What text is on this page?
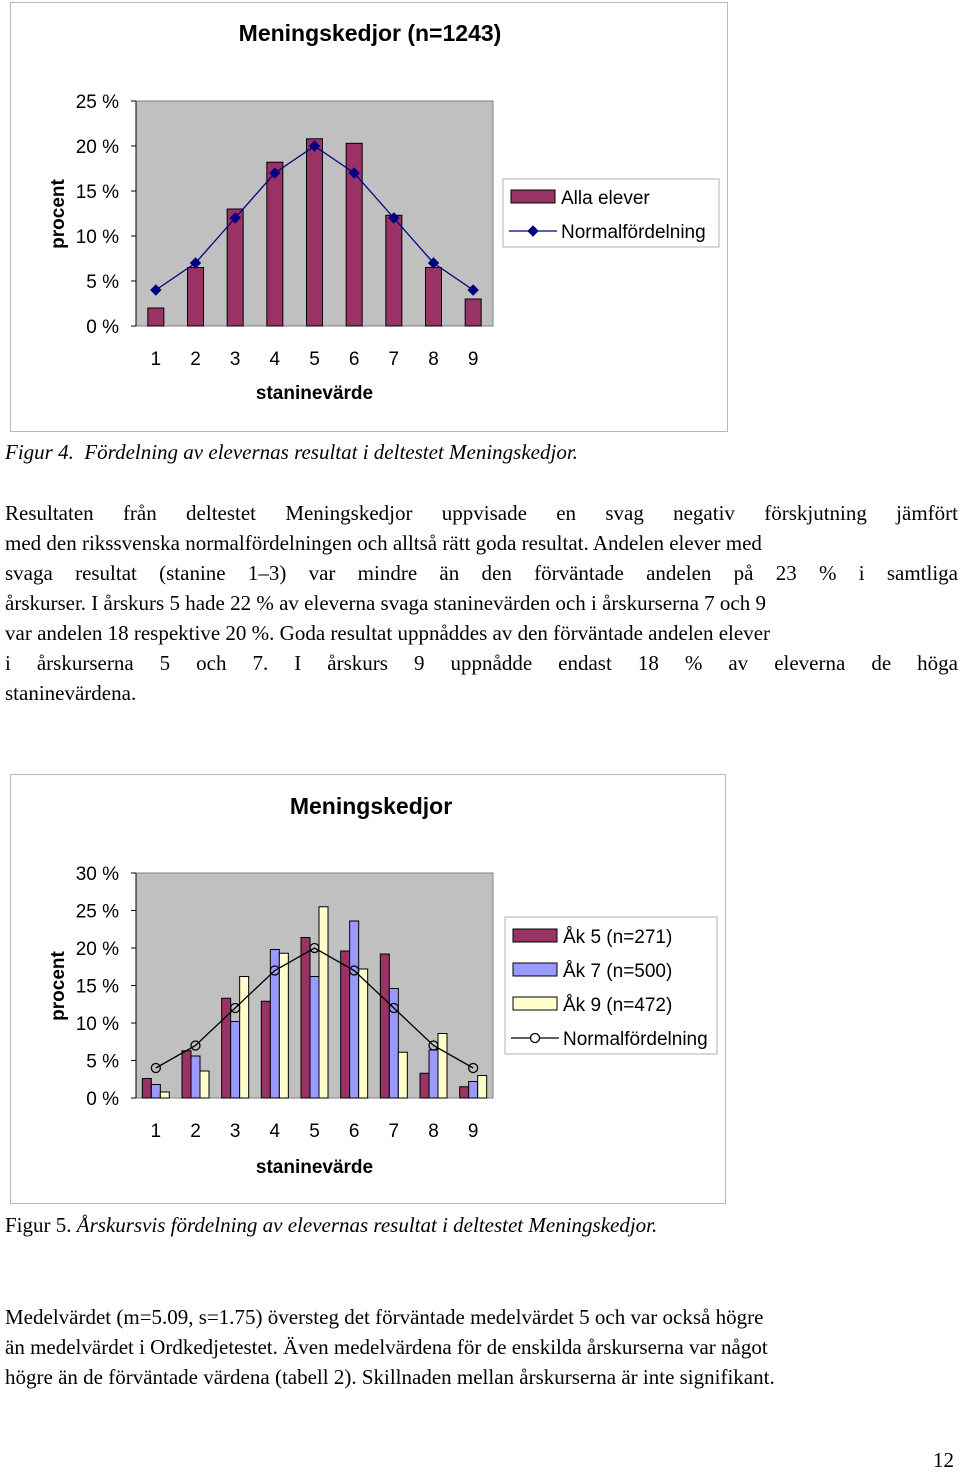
Meningskedjor (n=1243)
0 %
5 %
10 %
15 %
20 %
25 %
procent
1 2 3 4 5 6 7 8 9
staninevärde
Alla elever
Normalfördelning
Figur 4. Fördelning av elevernas resultat i deltestet Meningskedjor.
Resultaten från deltestet Meningskedjor uppvisade en svag negativ förskjutning jämfört
med den rikssvenska normalfördelningen och alltså rätt goda resultat. Andelen elever med
svaga resultat (stanine 1–3) var mindre än den förväntade andelen på 23 % i samtliga
årskurser. I årskurs 5 hade 22 % av eleverna svaga staninevärden och i årskurserna 7 och 9
var andelen 18 respektive 20 %. Goda resultat uppnåddes av den förväntade andelen elever
i årskurserna 5 och 7. I årskurs 9 uppnådde endast 18 % av eleverna de höga
staninevärdena.
Meningskedjor
0 %
5 %
10 %
15 %
20 %
25 %
30 %
procent
1 2 3 4 5 6 7 8 9
staninevärde
Åk 5 (n=271)
Åk 7 (n=500)
Åk 9 (n=472)
Normalfördelning
Figur 5. Årskursvis fördelning av elevernas resultat i deltestet Meningskedjor.
Medelvärdet (m=5.09, s=1.75) översteg det förväntade medelvärdet 5 och var också högre
än medelvärdet i Ordkedjetestet. Även medelvärdena för de enskilda årskurserna var något
högre än de förväntade värdena (tabell 2). Skillnaden mellan årskurserna är inte signifikant.
12
